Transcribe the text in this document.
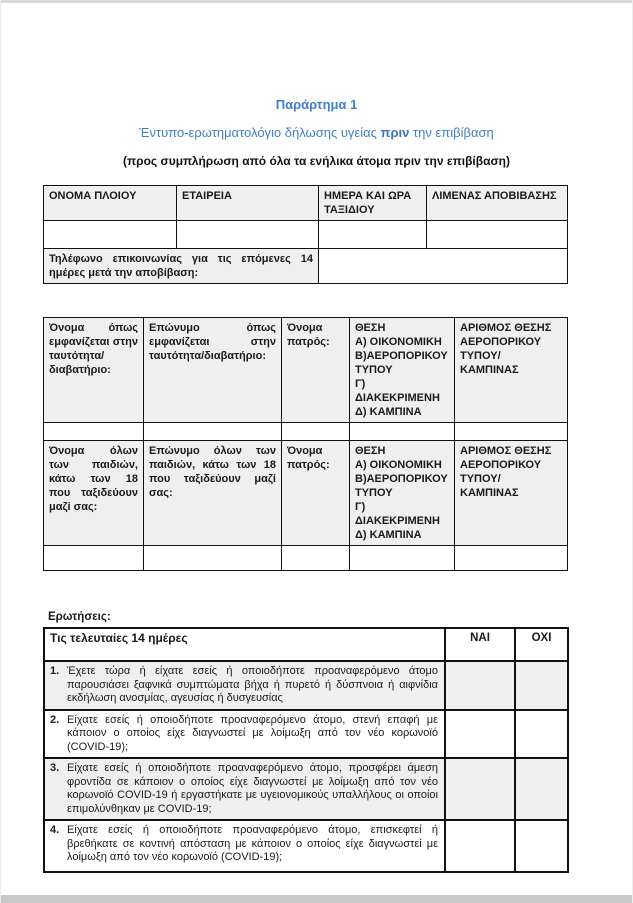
Παράρτημα 1
Έντυπο-ερωτηματολόγιο δήλωσης υγείας πριν την επιβίβαση
(προς συμπλήρωση από όλα τα ενήλικα άτομα πριν την επιβίβαση)
ΟΝΟΜΑ ΠΛΟΙΟΥ	ΕΤΑΙΡΕΙΑ	ΗΜΕΡΑ ΚΑΙ ΩΡΑ ΤΑΞΙΔΙΟΥ	ΛΙΜΕΝΑΣ ΑΠΟΒΙΒΑΣΗΣ

Τηλέφωνο επικοινωνίας για τις επόμενες 14 ημέρες μετά την αποβίβαση:			
Όνομα όπως εμφανίζεται στην ταυτότητα/ διαβατήριο:	Επώνυμο όπως εμφανίζεται στην ταυτότητα/διαβατήριο:	Όνομα πατρός:	ΘΕΣΗ
Α) ΟΙΚΟΝΟΜΙΚΗ
Β)ΑΕΡΟΠΟΡΙΚΟΥ ΤΥΠΟΥ
Γ) ΔΙΑΚΕΚΡΙΜΕΝΗ
Δ) ΚΑΜΠΙΝΑ	ΑΡΙΘΜΟΣ ΘΕΣΗΣ ΑΕΡΟΠΟΡΙΚΟΥ ΤΥΠΟΥ/ ΚΑΜΠΙΝΑΣ

Όνομα όλων των παιδιών, κάτω των 18 που ταξιδεύουν μαζί σας:	Επώνυμο όλων των παιδιών, κάτω των 18 που ταξιδεύουν μαζί σας:	Όνομα πατρός:	ΘΕΣΗ
Α) ΟΙΚΟΝΟΜΙΚΗ
Β)ΑΕΡΟΠΟΡΙΚΟΥ ΤΥΠΟΥ
Γ) ΔΙΑΚΕΚΡΙΜΕΝΗ
Δ) ΚΑΜΠΙΝΑ	ΑΡΙΘΜΟΣ ΘΕΣΗΣ ΑΕΡΟΠΟΡΙΚΟΥ ΤΥΠΟΥ/ ΚΑΜΠΙΝΑΣ

Ερωτήσεις:
Τις τελευταίες 14 ημέρες	ΝΑΙ	ΟΧΙ

1. Έχετε τώρα ή είχατε εσείς ή οποιοδήποτε προαναφερόμενο άτομο παρουσιάσει ξαφνικά συμπτώματα βήχα ή πυρετό ή δύσπνοια ή αιφνίδια εκδήλωση ανοσμίας, αγευσίας ή δυσγευσίας		

2. Είχατε εσείς ή οποιοδήποτε προαναφερόμενο άτομο, στενή επαφή με κάποιον ο οποίος είχε διαγνωστεί με λοίμωξη από τον νέο κορωνοϊό (COVID-19);		

3. Είχατε εσείς ή οποιοδήποτε προαναφερόμενο άτομο, προσφέρει άμεση φροντίδα σε κάποιον ο οποίος είχε διαγνωστεί με λοίμωξη από τον νέο κορωνοϊό COVID-19 ή εργαστήκατε με υγειονομικούς υπαλλήλους οι οποίοι επιμολύνθηκαν με COVID-19;		

4. Είχατε εσείς ή οποιοδήποτε προαναφερόμενο άτομο, επισκεφτεί ή βρεθήκατε σε κοντινή απόσταση με κάποιον ο οποίος είχε διαγνωστεί με λοίμωξη από τον νέο κορωνοϊό (COVID-19);		
